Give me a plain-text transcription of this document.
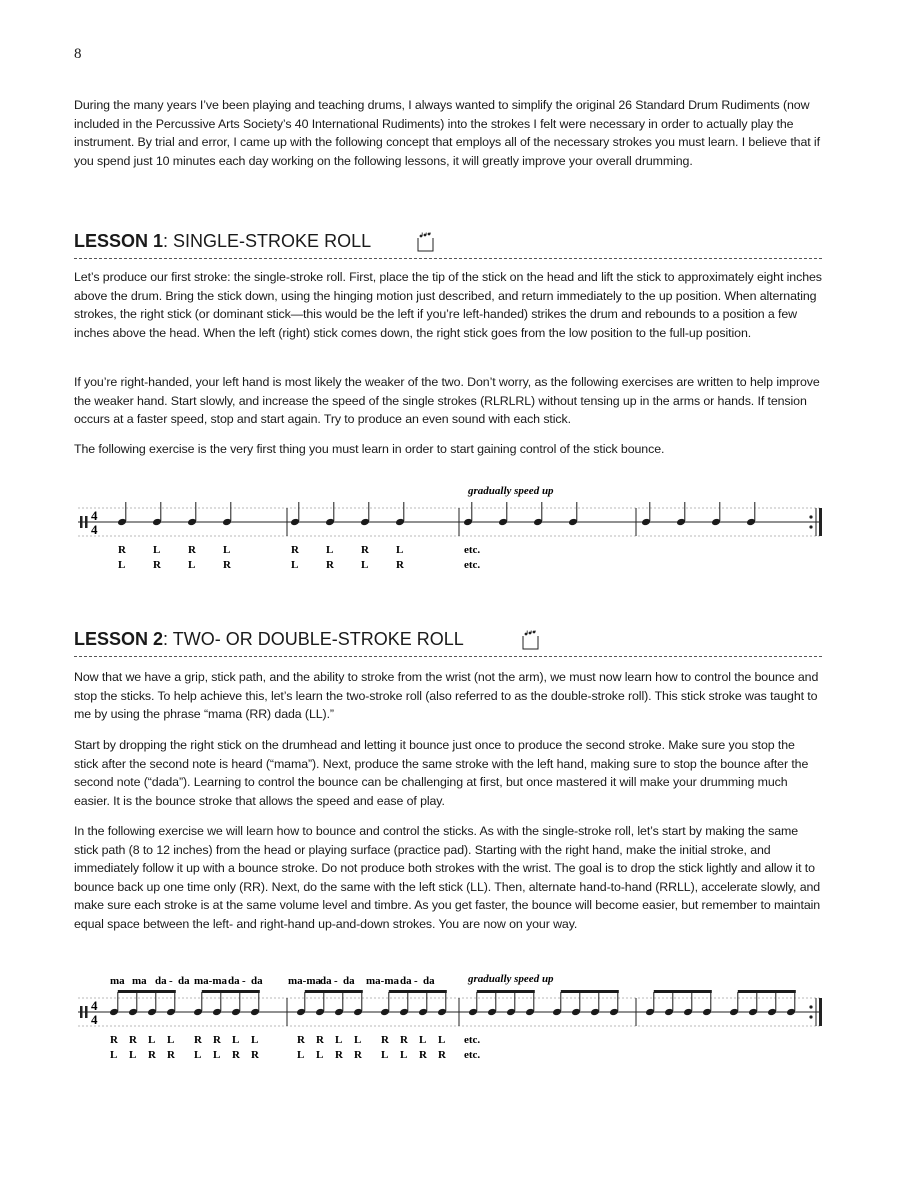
8

During the many years I’ve been playing and teaching drums, I always wanted to simplify the original 26 Standard Drum Rudiments (now included in the Percussive Arts Society’s 40 International Rudiments) into the strokes I felt were necessary in order to actually play the instrument. By trial and error, I came up with the following concept that employs all of the necessary strokes you must learn. I believe that if you spend just 10 minutes each day working on the following lessons, it will greatly improve your overall drumming.

LESSON 1: SINGLE-STROKE ROLL

Let’s produce our first stroke: the single-stroke roll. First, place the tip of the stick on the head and lift the stick to approximately eight inches above the drum. Bring the stick down, using the hinging motion just described, and return immediately to the up position. When alternating strokes, the right stick (or dominant stick—this would be the left if you’re left-handed) strikes the drum and rebounds to a position a few inches above the head. When the left (right) stick comes down, the right stick goes from the low position to the full-up position.

If you’re right-handed, your left hand is most likely the weaker of the two. Don’t worry, as the following exercises are written to help improve the weaker hand. Start slowly, and increase the speed of the single strokes (RLRLRL) without tensing up in the arms or hands. If tension occurs at a faster speed, stop and start again. Try to produce an even sound with each stick.

The following exercise is the very first thing you must learn in order to start gaining control of the stick bounce.

gradually speed up
4
4
R L	R L	R L	R L	etc.
L	R L	R	L	R L	R	etc.
LESSON 2: TWO- OR DOUBLE-STROKE ROLL

Now that we have a grip, stick path, and the ability to stroke from the wrist (not the arm), we must now learn how to control the bounce and stop the sticks. To help achieve this, let’s learn the two-stroke roll (also referred to as the double-stroke roll). This stick stroke was taught to me by using the phrase “mama (RR) dada (LL).”

Start by dropping the right stick on the drumhead and letting it bounce just once to produce the second stroke. Make sure you stop the stick after the second note is heard (“mama”). Next, produce the same stroke with the left hand, making sure to stop the bounce after the second note (“dada”). Learning to control the bounce can be challenging at first, but once mastered it will make your drumming much easier. It is the bounce stroke that allows the speed and ease of play.

In the following exercise we will learn how to bounce and control the sticks. As with the single-stroke roll, let’s start by making the same stick path (8 to 12 inches) from the head or playing surface (practice pad). Starting with the right hand, make the initial stroke, and immediately follow it up with a bounce stroke. Do not produce both strokes with the wrist. The goal is to drop the stick lightly and allow it to bounce back up one time only (RR). Next, do the same with the left stick (LL). Then, alternate hand-to-hand (RRLL), accelerate slowly, and make sure each stroke is at the same volume level and timbre. As you get faster, the bounce will become easier, but remember to maintain equal space between the left- and right-hand up-and-down strokes. You are now on your way.

ma ma da - da ma-ma da - da ma-ma da - da ma-ma da - da	gradually speed up
4
4
R R L L R R L L	R R L L R R L L etc.
L L R R L L R R	L L R R L L R R etc.
